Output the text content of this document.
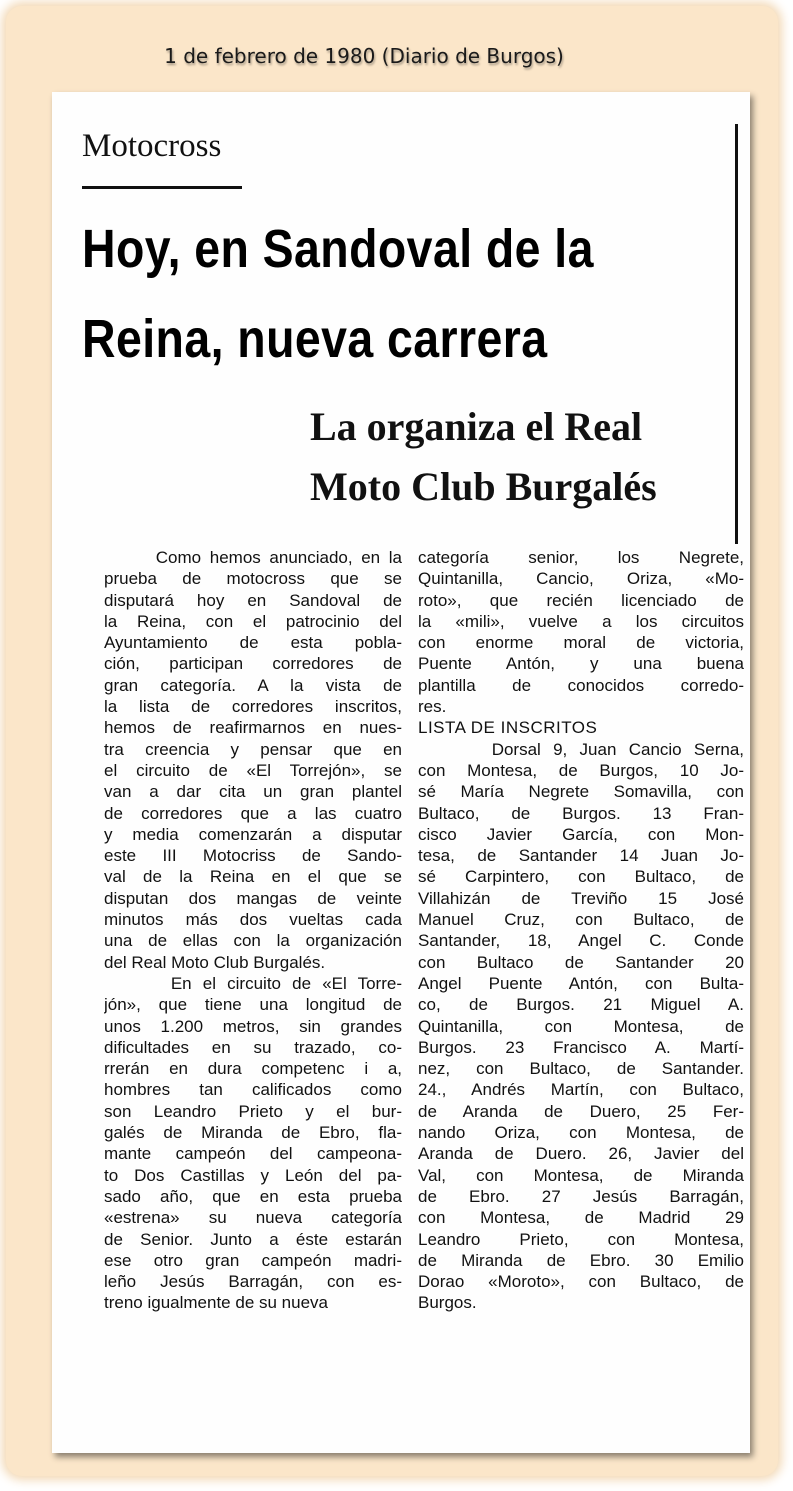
1 de febrero de 1980 (Diario de Burgos)
Motocross
Hoy, en Sandoval de la
Reina, nueva carrera
La organiza el Real
Moto Club Burgalés
Como hemos anunciado, en la
prueba de motocross que se
disputará hoy en Sandoval de
la Reina, con el patrocinio del
Ayuntamiento de esta pobla-
ción, participan corredores de
gran categoría. A la vista de
la lista de corredores inscritos,
hemos de reafirmarnos en nues-
tra creencia y pensar que en
el circuito de «El Torrejón», se
van a dar cita un gran plantel
de corredores que a las cuatro
y media comenzarán a disputar
este III Motocriss de Sando-
val de la Reina en el que se
disputan dos mangas de veinte
minutos más dos vueltas cada
una de ellas con la organización
del Real Moto Club Burgalés.
En el circuito de «El Torre-
jón», que tiene una longitud de
unos 1.200 metros, sin grandes
dificultades en su trazado, co-
rrerán en dura competenc i a,
hombres tan calificados como
son Leandro Prieto y el bur-
galés de Miranda de Ebro, fla-
mante campeón del campeona-
to Dos Castillas y León del pa-
sado año, que en esta prueba
«estrena» su nueva categoría
de Senior. Junto a éste estarán
ese otro gran campeón madri-
leño Jesús Barragán, con es-
treno igualmente de su nueva
categoría senior, los Negrete,
Quintanilla, Cancio, Oriza, «Mo-
roto», que recién licenciado de
la «mili», vuelve a los circuitos
con enorme moral de victoria,
Puente Antón, y una buena
plantilla de conocidos corredo-
res.
LISTA DE INSCRITOS
Dorsal 9, Juan Cancio Serna,
con Montesa, de Burgos, 10 Jo-
sé María Negrete Somavilla, con
Bultaco, de Burgos. 13 Fran-
cisco Javier García, con Mon-
tesa, de Santander 14 Juan Jo-
sé Carpintero, con Bultaco, de
Villahizán de Treviño 15 José
Manuel Cruz, con Bultaco, de
Santander, 18, Angel C. Conde
con Bultaco de Santander 20
Angel Puente Antón, con Bulta-
co, de Burgos. 21 Miguel A.
Quintanilla, con Montesa, de
Burgos. 23 Francisco A. Martí-
nez, con Bultaco, de Santander.
24., Andrés Martín, con Bultaco,
de Aranda de Duero, 25 Fer-
nando Oriza, con Montesa, de
Aranda de Duero. 26, Javier del
Val, con Montesa, de Miranda
de Ebro. 27 Jesús Barragán,
con Montesa, de Madrid 29
Leandro Prieto, con Montesa,
de Miranda de Ebro. 30 Emilio
Dorao «Moroto», con Bultaco, de
Burgos.
